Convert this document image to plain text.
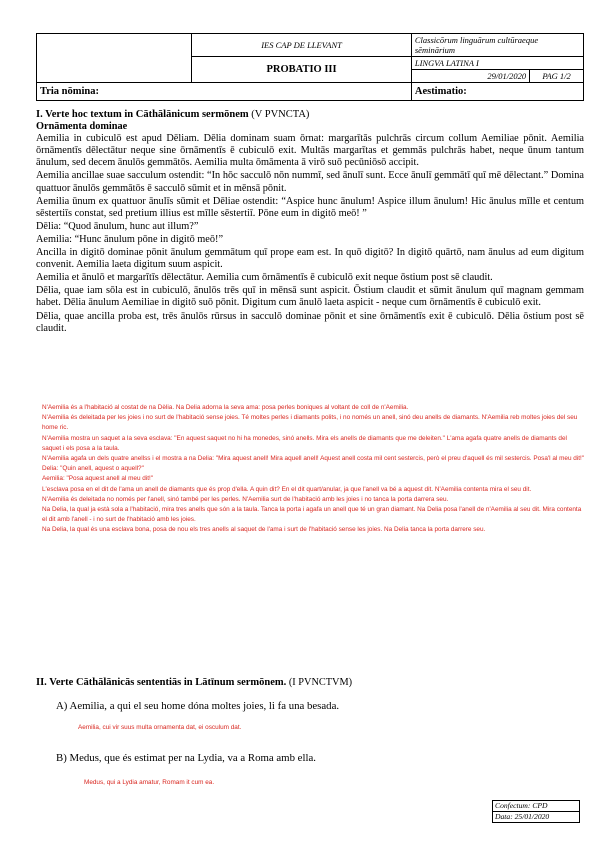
	IES CAP DE LLEVANT	Classicōrum linguārum cultūraeque sēminārium	
	PROBATIO III	LINGVA LATINA I	
		29/01/2020	PAG 1/2
Tria nōmina:		Aestimatio:	
I. Verte hoc textum in Cāthālānicum sermōnem (V PVNCTA)
Ornāmenta dominae

Aemilia in cubiculō est apud Dēliam. Dēlia dominam suam ōrnat: margarītās pulchrās circum collum Aemiliae pōnit. Aemilia ōrnāmentīs dēlectātur neque sine ōrnāmentīs ē cubiculō exit. Multās margarītas et gemmās pulchrās habet, neque ūnum tantum ānulum, sed decem ānulōs gemmātōs. Aemilia multa ōmāmenta ā virō suō pecūniōsō accipit.

Aemilia ancillae suae sacculum ostendit: “In hōc sacculō nōn nummī, sed ānulī sunt. Ecce ānulī gemmātī quī mē dēlectant.” Domina quattuor ānulōs gemmātōs ē sacculō sūmit et in mēnsā pōnit.

Aemilia ūnum ex quattuor ānulīs sūmit et Dēliae ostendit: “Aspice hunc ānulum! Aspice illum ānulum! Hic ānulus mīlle et centum sēstertiīs constat, sed pretium illius est mīlle sēstertiī. Pōne eum in digitō meō! ”

Dēlia: “Quod ānulum, hunc aut illum?”

Aemilia: “Hunc ānulum pōne in digitō meō!”

Ancilla in digitō dominae pōnit ānulum gemmātum quī prope eam est. In quō digitō? In digitō quārtō, nam ānulus ad eum digitum convenit. Aemilia laeta digitum suum aspicit.

Aemilia et ānulō et margarītīs dēlectātur. Aemilia cum ōrnāmentīs ē cubiculō exit neque ōstium post sē claudit.

Dēlia, quae iam sōla est in cubiculō, ānulōs trēs quī in mēnsā sunt aspicit. Ōstium claudit et sūmit ānulum quī magnam gemmam habet. Dēlia ānulum Aemiliae in digitō suō pōnit. Digitum cum ānulō laeta aspicit - neque cum ōrnāmentīs ē cubiculō exit.

Dēlia, quae ancilla proba est, trēs ānulōs rūrsus in sacculō dominae pōnit et sine ōrnāmentīs exit ē cubiculō. Dēlia ōstium post sē claudit.

N'Aemilia és a l'habitació al costat de na Dèlia. Na Delia adorna la seva ama: posa perles boniques al voltant de coll de n'Aemilia.

N'Aemilia és deleitada per les joies i no surt de l'habitació sense joies. Té moltes perles i diamants polits, i no només un anell, sinó deu anells de diamants. N'Aemilia reb moltes joies del seu home ric.

N'Aemilia mostra un saquet a la seva esclava: "En aquest saquet no hi ha monedes, sinó anells. Mira els anells de diamants que me deleiten." L'ama agafa quatre anells de diamants del saquet i els posa a la taula.

N'Aemilia agafa un dels quatre anellss i el mostra a na Delia: "Mira aquest anell! Mira aquell anell! Aquest anell costa mil cent sestercis, però el preu d'aquell és mil sestercis. Posa'l al meu dit!"

Delia: "Quin anell, aquest o aquell?"

Aemilia: "Posa aquest anell al meu dit!"

L'esclava posa en el dit de l'ama un anell de diamants que és prop d'ella. A quin dit? En el dit quart/anular, ja que l'anell va bé a aquest dit. N'Aemilia contenta mira el seu dit.

N'Aemilia és deleitada no només per l'anell, sinó també per les perles. N'Aemilia surt de l'habitació amb les joies i no tanca la porta darrera seu.

Na Delia, la qual ja està sola a l'habitació, mira tres anells que són a la taula. Tanca la porta i agafa un anell que té un gran diamant. Na Delia posa l'anell de n'Aemilia al seu dit. Mira contenta el dit amb l'anell - i no surt de l'habitació amb les joies.

Na Delia, la qual és una esclava bona, posa de nou els tres anells al saquet de l'ama i surt de l'habitació sense les joies. Na Delia tanca la porta darrere seu.

II. Verte Cāthālānicās sententiās in Lātīnum sermōnem. (I PVNCTVM)
A) Aemilia, a qui el seu home dóna moltes joies, li fa una besada.
Aemilia, cui vir suus multa ornamenta dat, ei osculum dat.
B) Medus, que és estimat per na Lydia, va a Roma amb ella.
Medus, qui a Lydia amatur, Romam it cum ea.
Confectum: CPD
Data: 25/01/2020
